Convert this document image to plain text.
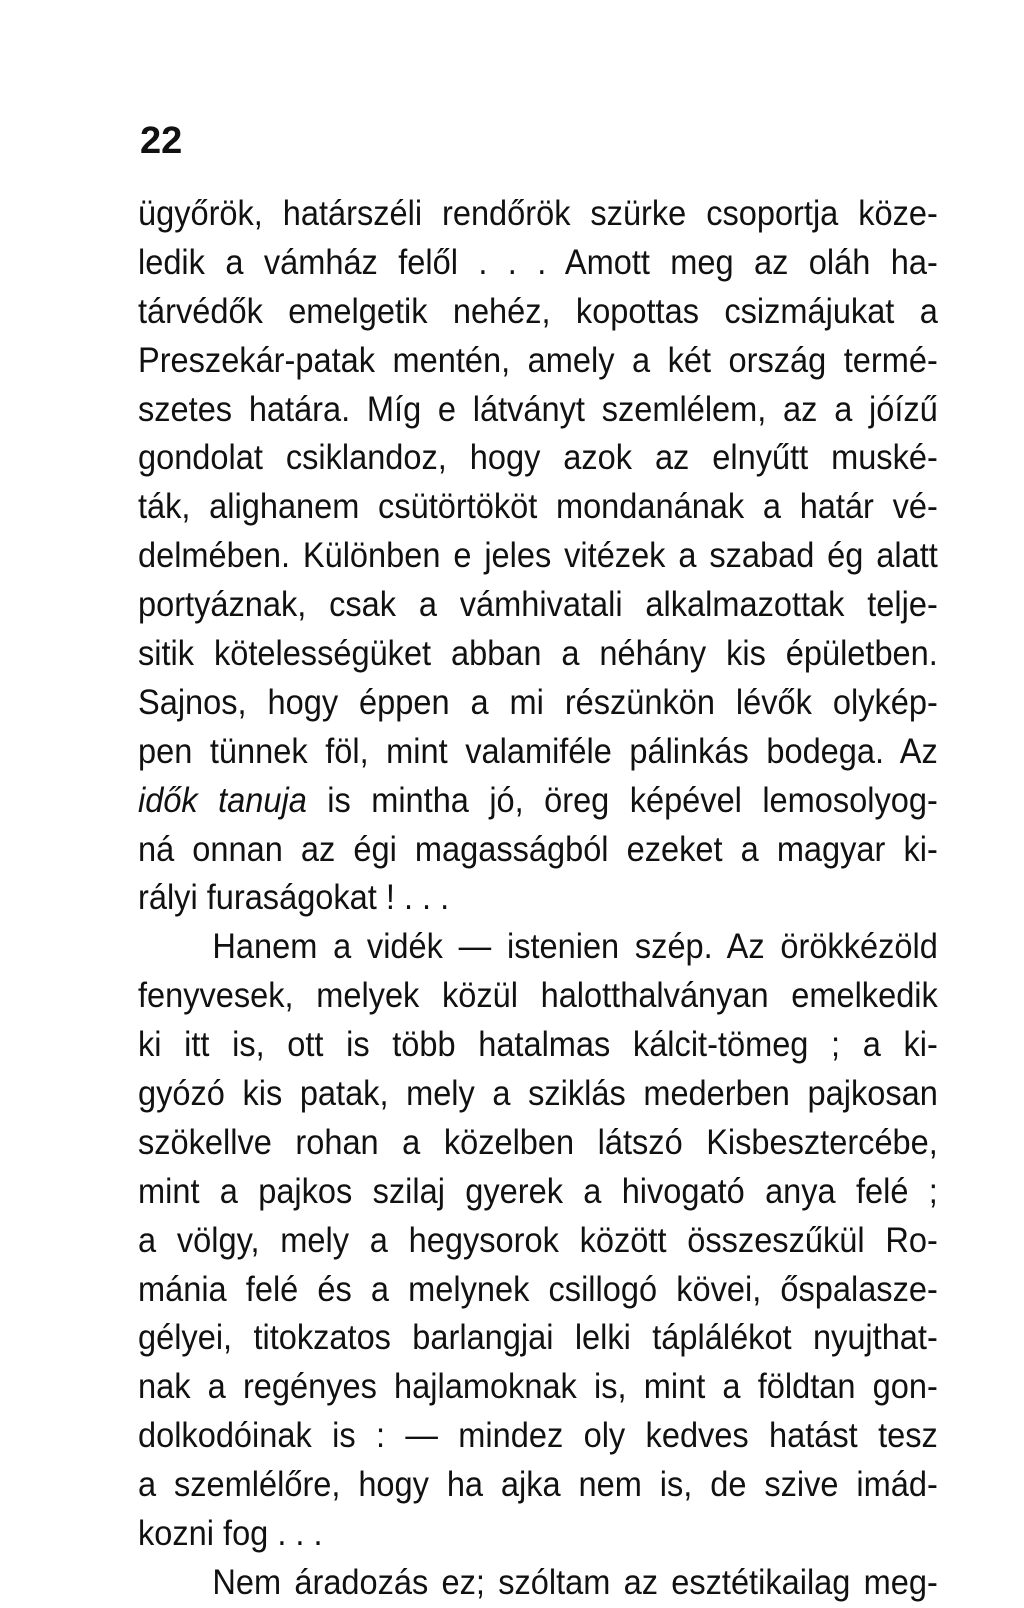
22
ügyőrök, határszéli rendőrök szürke csoportja köze-
ledik a vámház felől . . . Amott meg az oláh ha-
tárvédők emelgetik nehéz, kopottas csizmájukat a
Preszekár-patak mentén, amely a két ország termé-
szetes határa. Míg e látványt szemlélem, az a jóízű
gondolat csiklandoz, hogy azok az elnyűtt muské-
ták, alighanem csütörtököt mondanának a határ vé-
delmében. Különben e jeles vitézek a szabad ég alatt
portyáznak, csak a vámhivatali alkalmazottak telje-
sitik kötelességüket abban a néhány kis épületben.
Sajnos, hogy éppen a mi részünkön lévők olykép-
pen tünnek föl, mint valamiféle pálinkás bodega. Az
idők tanuja is mintha jó, öreg képével lemosolyog-
ná onnan az égi magasságból ezeket a magyar ki-
rályi furaságokat ! . . .
Hanem a vidék — istenien szép. Az örökkézöld
fenyvesek, melyek közül halotthalványan emelkedik
ki itt is, ott is több hatalmas kálcit-tömeg ; a ki-
gyózó kis patak, mely a sziklás mederben pajkosan
szökellve rohan a közelben látszó Kisbesztercébe,
mint a pajkos szilaj gyerek a hivogató anya felé ;
a völgy, mely a hegysorok között összeszűkül Ro-
mánia felé és a melynek csillogó kövei, őspalasze-
gélyei, titokzatos barlangjai lelki táplálékot nyujthat-
nak a regényes hajlamoknak is, mint a földtan gon-
dolkodóinak is : — mindez oly kedves hatást tesz
a szemlélőre, hogy ha ajka nem is, de szive imád-
kozni fog . . .
Nem áradozás ez; szóltam az esztétikailag meg-
